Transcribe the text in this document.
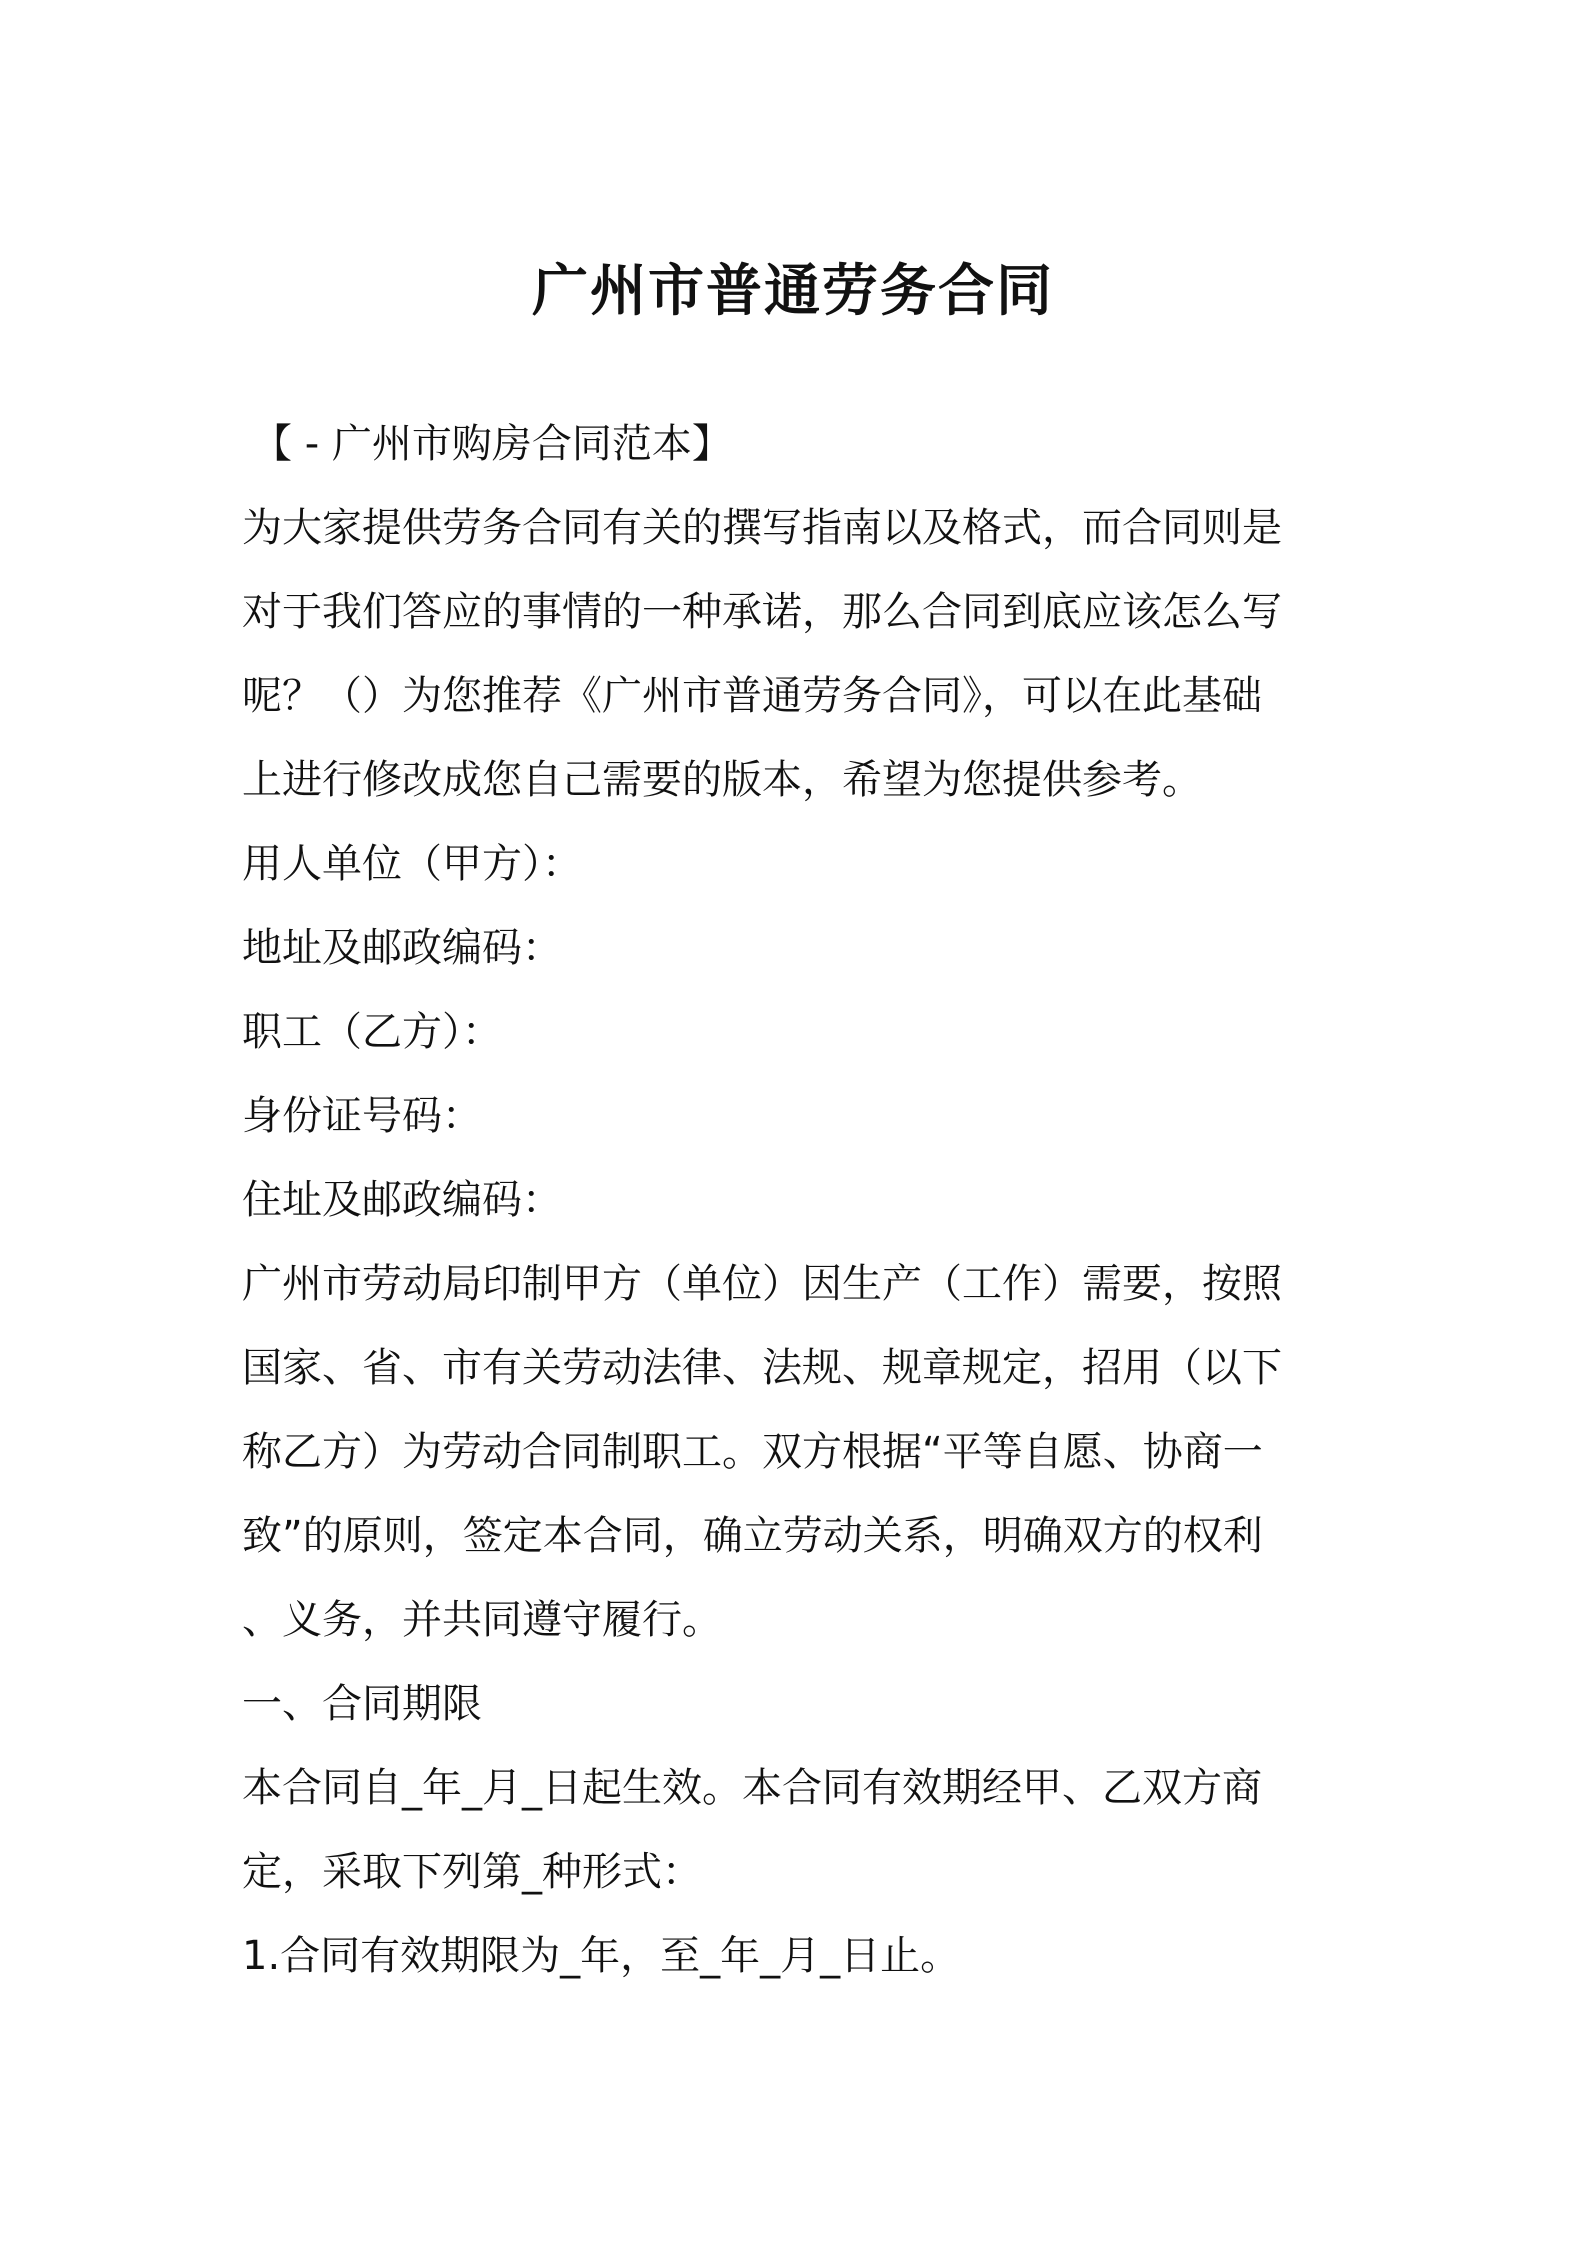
广州市普通劳务合同
【 - 广州市购房合同范本】
为大家提供劳务合同有关的撰写指南以及格式，而合同则是
对于我们答应的事情的一种承诺，那么合同到底应该怎么写
呢？（）为您推荐《广州市普通劳务合同》，可以在此基础
上进行修改成您自己需要的版本，希望为您提供参考。
用人单位（甲方）：
地址及邮政编码：
职工（乙方）：
身份证号码：
住址及邮政编码：
广州市劳动局印制甲方（单位）因生产（工作）需要，按照
国家、省、市有关劳动法律、法规、规章规定，招用（以下
称乙方）为劳动合同制职工。双方根据“平等自愿、协商一
致”的原则，签定本合同，确立劳动关系，明确双方的权利
、义务，并共同遵守履行。
一、合同期限
本合同自_年_月_日起生效。本合同有效期经甲、乙双方商
定，采取下列第_种形式：
1.合同有效期限为_年，至_年_月_日止。
